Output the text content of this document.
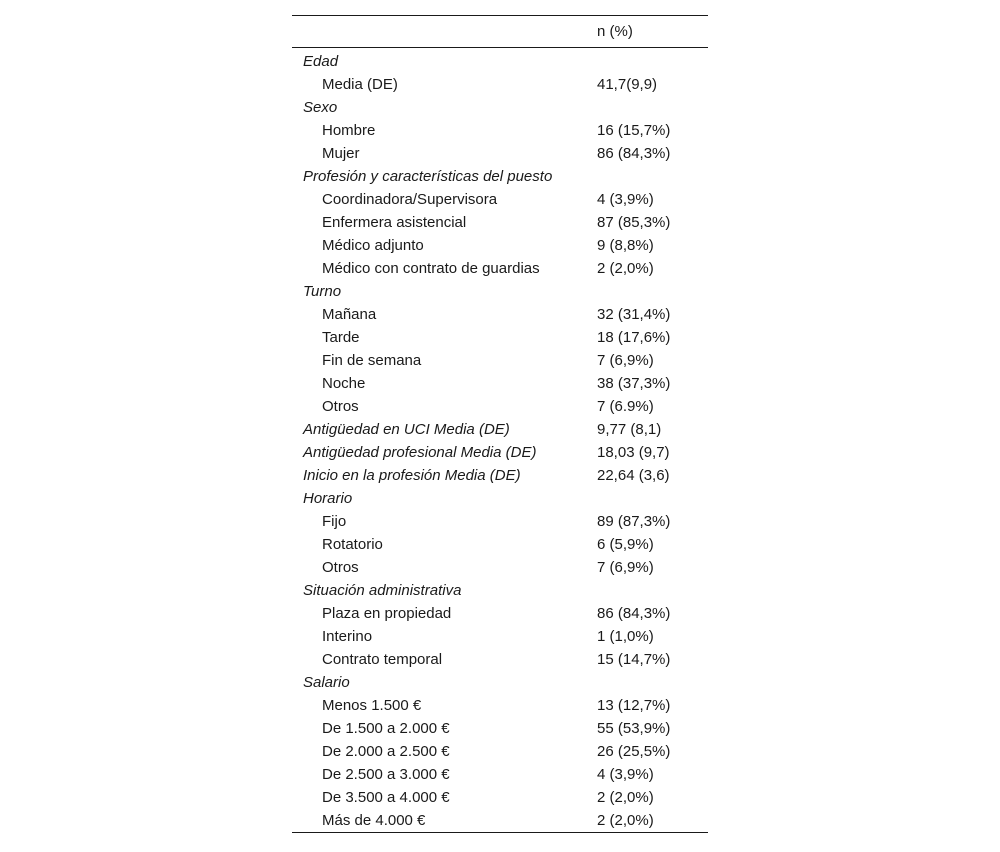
	n (%)

Edad	
Media (DE)	41,7(9,9)
Sexo	
Hombre	16 (15,7%)
Mujer	86 (84,3%)
Profesión y características del puesto	
Coordinadora/Supervisora	4 (3,9%)
Enfermera asistencial	87 (85,3%)
Médico adjunto	9 (8,8%)
Médico con contrato de guardias	2 (2,0%)
Turno	
Mañana	32 (31,4%)
Tarde	18 (17,6%)
Fin de semana	7 (6,9%)
Noche	38 (37,3%)
Otros	7 (6.9%)
Antigüedad en UCI Media (DE)	9,77 (8,1)
Antigüedad profesional Media (DE)	18,03 (9,7)
Inicio en la profesión Media (DE)	22,64 (3,6)
Horario	
Fijo	89 (87,3%)
Rotatorio	6 (5,9%)
Otros	7 (6,9%)
Situación administrativa	
Plaza en propiedad	86 (84,3%)
Interino	1 (1,0%)
Contrato temporal	15 (14,7%)
Salario	
Menos 1.500 €	13 (12,7%)
De 1.500 a 2.000 €	55 (53,9%)
De 2.000 a 2.500 €	26 (25,5%)
De 2.500 a 3.000 €	4 (3,9%)
De 3.500 a 4.000 €	2 (2,0%)
Más de 4.000 €	2 (2,0%)
